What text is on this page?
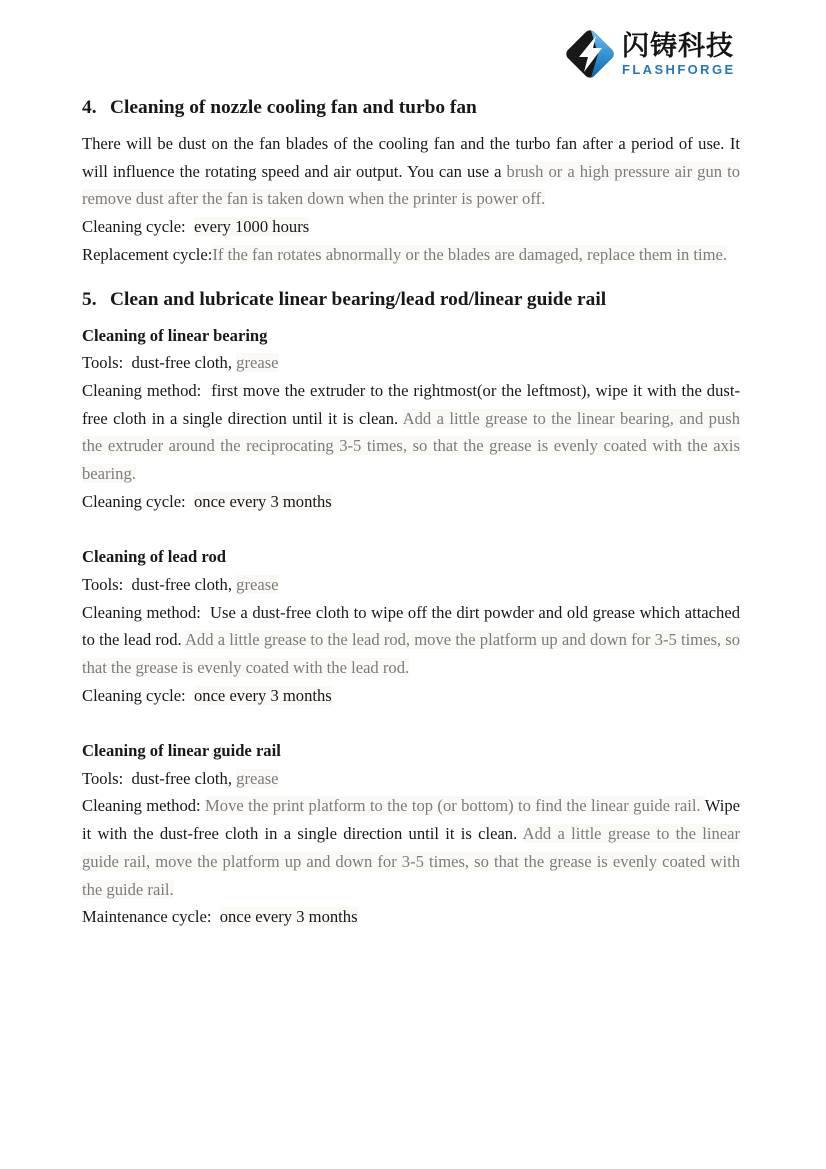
闪铸科技
FLASHFORGE
4. Cleaning of nozzle cooling fan and turbo fan

There will be dust on the fan blades of the cooling fan and the turbo fan after a period of use. It will influence the rotating speed and air output. You can use a brush or a high pressure air gun to remove dust after the fan is taken down when the printer is power off.

Cleaning cycle:  every 1000 hours

Replacement cycle:If the fan rotates abnormally or the blades are damaged, replace them in time.

5. Clean and lubricate linear bearing/lead rod/linear guide rail
Cleaning of linear bearing

Tools:  dust-free cloth, grease

Cleaning method:  first move the extruder to the rightmost(or the leftmost), wipe it with the dust-free cloth in a single direction until it is clean. Add a little grease to the linear bearing, and push the extruder around the reciprocating 3-5 times, so that the grease is evenly coated with the axis bearing.

Cleaning cycle:  once every 3 months

Cleaning of lead rod

Tools:  dust-free cloth, grease

Cleaning method:  Use a dust-free cloth to wipe off the dirt powder and old grease which attached to the lead rod. Add a little grease to the lead rod, move the platform up and down for 3-5 times, so that the grease is evenly coated with the lead rod.

Cleaning cycle:  once every 3 months

Cleaning of linear guide rail

Tools:  dust-free cloth, grease

Cleaning method: Move the print platform to the top (or bottom) to find the linear guide rail. Wipe it with the dust-free cloth in a single direction until it is clean. Add a little grease to the linear guide rail, move the platform up and down for 3-5 times, so that the grease is evenly coated with the guide rail.

Maintenance cycle:  once every 3 months
